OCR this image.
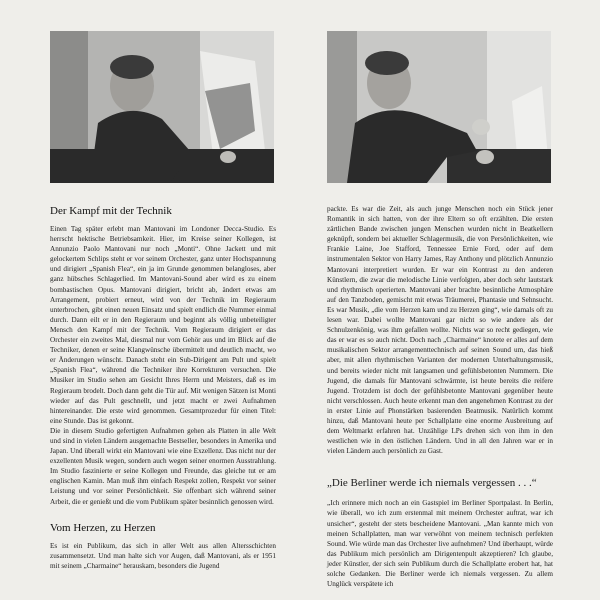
Der Kampf mit der Technik

Einen Tag später erlebt man Mantovani im Londoner Decca-Studio. Es herrscht hektische Betriebsamkeit. Hier, im Kreise seiner Kollegen, ist Annunzio Paolo Mantovani nur noch „Monti“. Ohne Jackett und mit gelockertem Schlips steht er vor seinem Orchester, ganz unter Hochspannung und dirigiert „Spanish Flea“, ein ja im Grunde genommen belangloses, aber ganz hübsches Schlagerlied. Im Mantovani-Sound aber wird es zu einem bombastischen Opus. Mantovani dirigiert, bricht ab, ändert etwas am Arrangement, probiert erneut, wird von der Technik im Regieraum unterbrochen, gibt einen neuen Einsatz und spielt endlich die Nummer einmal durch. Dann eilt er in den Regieraum und beginnt als völlig unbeteiligter Mensch den Kampf mit der Technik. Vom Regieraum dirigiert er das Orchester ein zweites Mal, diesmal nur vom Gehör aus und im Blick auf die Techniker, denen er seine Klangwünsche übermittelt und deutlich macht, wo er Änderungen wünscht. Danach steht ein Sub-Dirigent am Pult und spielt „Spanish Flea“, während die Techniker ihre Korrekturen versuchen. Die Musiker im Studio sehen am Gesicht Ihres Herrn und Meisters, daß es im Regieraum brodelt. Doch dann geht die Tür auf. Mit wenigen Sätzen ist Monti wieder auf das Pult geschnellt, und jetzt macht er zwei Aufnahmen hintereinander. Die erste wird genommen. Gesamtprozedur für einen Titel: eine Stunde. Das ist gekonnt.

Die in diesem Studio gefertigten Aufnahmen gehen als Platten in alle Welt und sind in vielen Ländern ausgemachte Bestseller, besonders in Amerika und Japan. Und überall wirkt ein Mantovani wie eine Exzellenz. Das nicht nur der exzellenten Musik wegen, sondern auch wegen seiner enormen Ausstrahlung. Im Studio faszinierte er seine Kollegen und Freunde, das gleiche tut er am englischen Kamin. Man muß ihm einfach Respekt zollen, Respekt vor seiner Leistung und vor seiner Persönlichkeit. Sie offenbart sich während seiner Arbeit, die er genießt und die vom Publikum später besinnlich genossen wird.

Vom Herzen, zu Herzen

Es ist ein Publikum, das sich in aller Welt aus allen Altersschichten zusammensetzt. Und man halte sich vor Augen, daß Mantovani, als er 1951 mit seinem „Charmaine“ herauskam, besonders die Jugend

packte. Es war die Zeit, als auch junge Menschen noch ein Stück jener Romantik in sich hatten, von der ihre Eltern so oft erzählten. Die ersten zärtlichen Bande zwischen jungen Menschen wurden nicht in Beatkellern geknüpft, sondern bei aktueller Schlagermusik, die von Persönlichkeiten, wie Frankie Laine, Joe Stafford, Tennessee Ernie Ford, oder auf dem instrumentalen Sektor von Harry James, Ray Anthony und plötzlich Annunzio Mantovani interpretiert wurden. Er war ein Kontrast zu den anderen Künstlern, die zwar die melodische Linie verfolgten, aber doch sehr lautstark und rhythmisch operierten. Mantovani aber brachte besinnliche Atmosphäre auf den Tanzboden, gemischt mit etwas Träumerei, Phantasie und Sehnsucht. Es war Musik, „die vom Herzen kam und zu Herzen ging“, wie damals oft zu lesen war. Dabei wollte Mantovani gar nicht so wie andere als der Schnulzenkönig, was ihm gefallen wollte. Nichts war so recht gediegen, wie das er war es so auch nicht. Doch nach „Charmaine“ knotete er alles auf dem musikalischen Sektor arrangementtechnisch auf seinen Sound um, das hieß aber, mit allen rhythmischen Varianten der modernen Unterhaltungsmusik, und bereits wieder nicht mit langsamen und gefühlsbetonten Nummern. Die Jugend, die damals für Mantovani schwärmte, ist heute bereits die reifere Jugend. Trotzdem ist doch der gefühlsbetonte Mantovani gegenüber heute nicht verschlossen. Auch heute erkennt man den angenehmen Kontrast zu der in erster Linie auf Phonstärken basierenden Beatmusik. Natürlich kommt hinzu, daß Mantovani heute per Schallplatte eine enorme Ausbreitung auf dem Weltmarkt erfahren hat. Unzählige LPs drehen sich von ihm in den westlichen wie in den östlichen Ländern. Und in all den Jahren war er in vielen Ländern auch persönlich zu Gast.

„Die Berliner werde ich niemals vergessen . . .“

„Ich erinnere mich noch an ein Gastspiel im Berliner Sportpalast. In Berlin, wie überall, wo ich zum erstenmal mit meinem Orchester auftrat, war ich unsicher“, gesteht der stets bescheidene Mantovani. „Man kannte mich von meinen Schallplatten, man war verwöhnt von meinem technisch perfekten Sound. Wie würde man das Orchester live aufnehmen? Und überhaupt, würde das Publikum mich persönlich am Dirigentenpult akzeptieren? Ich glaube, jeder Künstler, der sich sein Publikum durch die Schallplatte erobert hat, hat solche Gedanken. Die Berliner werde ich niemals vergessen. Zu allem Unglück verspätete ich
